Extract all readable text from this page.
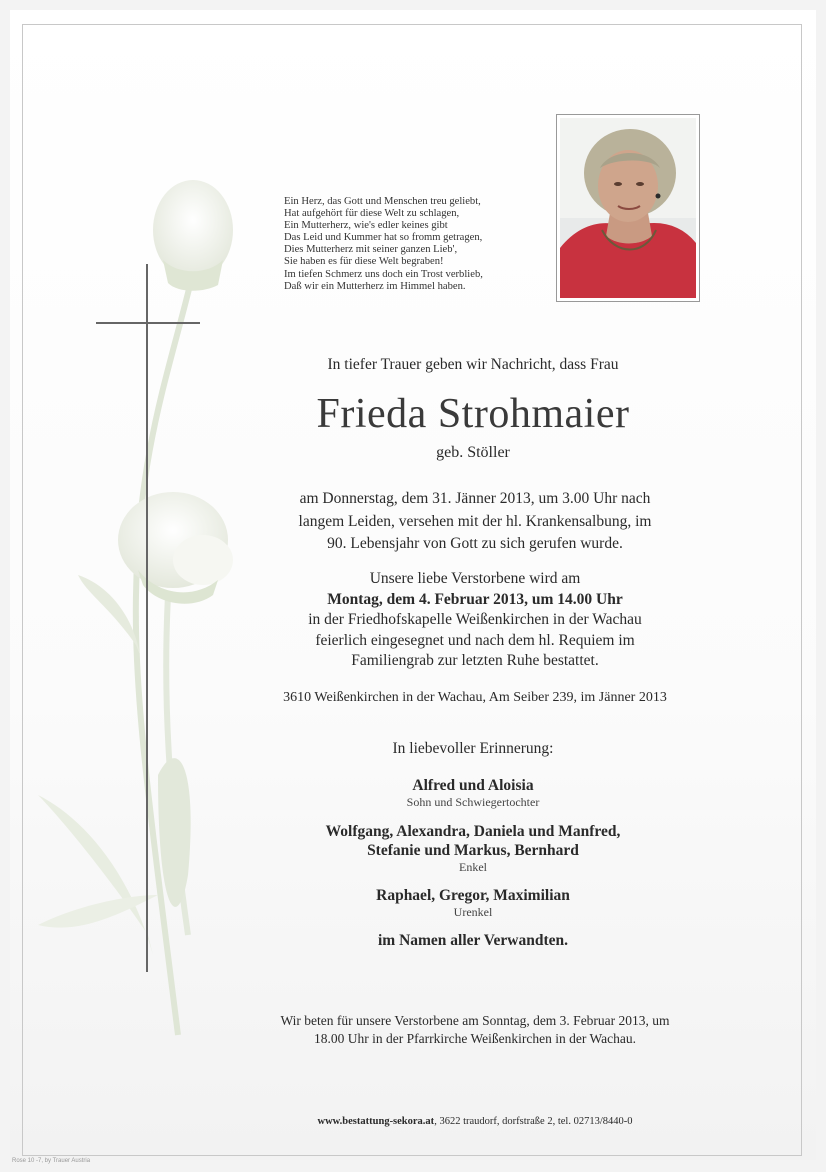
Ein Herz, das Gott und Menschen treu geliebt,
Hat aufgehört für diese Welt zu schlagen,
Ein Mutterherz, wie's edler keines gibt
Das Leid und Kummer hat so fromm getragen,
Dies Mutterherz mit seiner ganzen Lieb',
Sie haben es für diese Welt begraben!
Im tiefen Schmerz uns doch ein Trost verblieb,
Daß wir ein Mutterherz im Himmel haben.
In tiefer Trauer geben wir Nachricht, dass Frau
Frieda Strohmaier
geb. Stöller
am Donnerstag, dem 31. Jänner 2013, um 3.00 Uhr nach
langem Leiden, versehen mit der hl. Krankensalbung, im
90. Lebensjahr von Gott zu sich gerufen wurde.
Unsere liebe Verstorbene wird am
Montag, dem 4. Februar 2013, um 14.00 Uhr
in der Friedhofskapelle Weißenkirchen in der Wachau
feierlich eingesegnet und nach dem hl. Requiem im
Familiengrab zur letzten Ruhe bestattet.
3610 Weißenkirchen in der Wachau, Am Seiber 239, im Jänner 2013
In liebevoller Erinnerung:
Alfred und Aloisia
Sohn und Schwiegertochter
Wolfgang, Alexandra, Daniela und Manfred,
Stefanie und Markus, Bernhard
Enkel
Raphael, Gregor, Maximilian
Urenkel
im Namen aller Verwandten.
Wir beten für unsere Verstorbene am Sonntag, dem 3. Februar 2013, um
18.00 Uhr in der Pfarrkirche Weißenkirchen in der Wachau.
www.bestattung-sekora.at, 3622 traudorf, dorfstraße 2, tel. 02713/8440-0
Rose 10 -7, by Trauer Austria
